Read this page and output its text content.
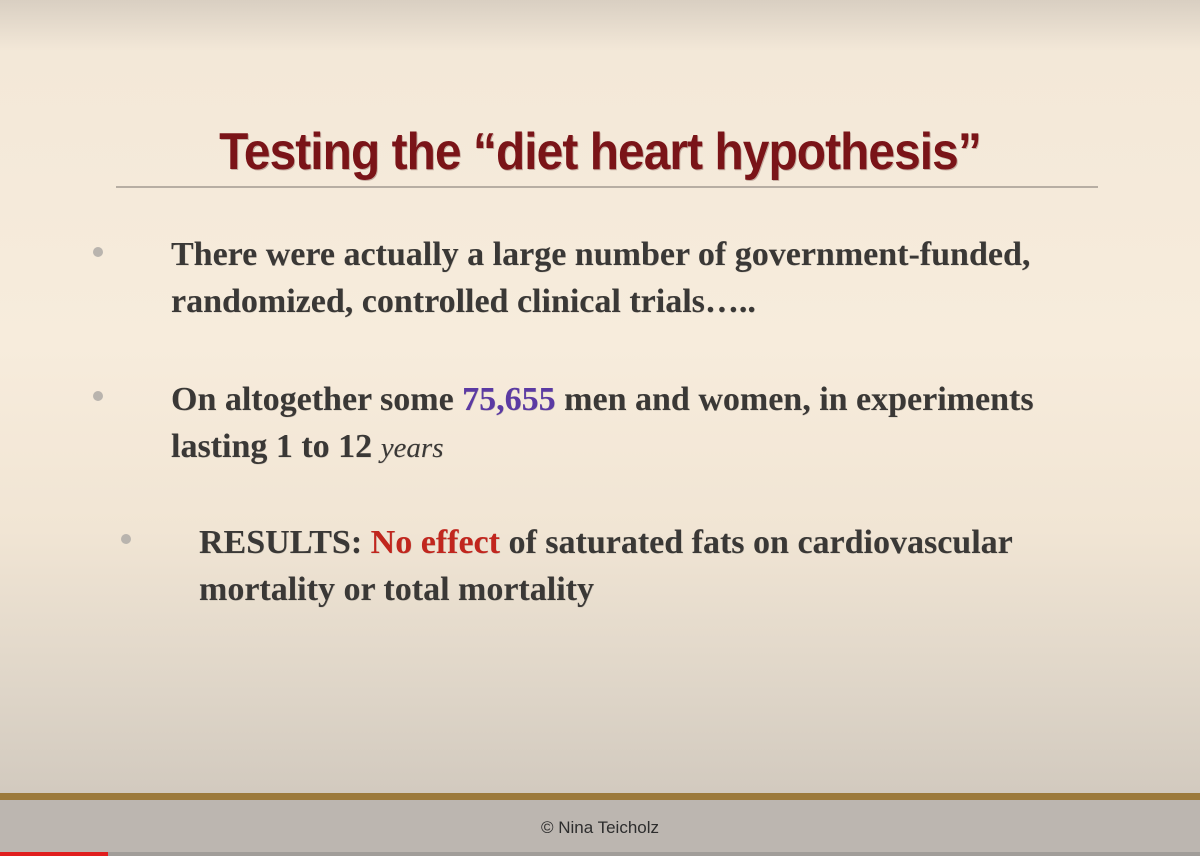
Testing the “diet heart hypothesis”
There were actually a large number of government-funded, randomized, controlled clinical trials…..
On altogether some 75,655 men and women, in experiments lasting 1 to 12 years
RESULTS: No effect of saturated fats on cardiovascular mortality or total mortality
© Nina Teicholz
